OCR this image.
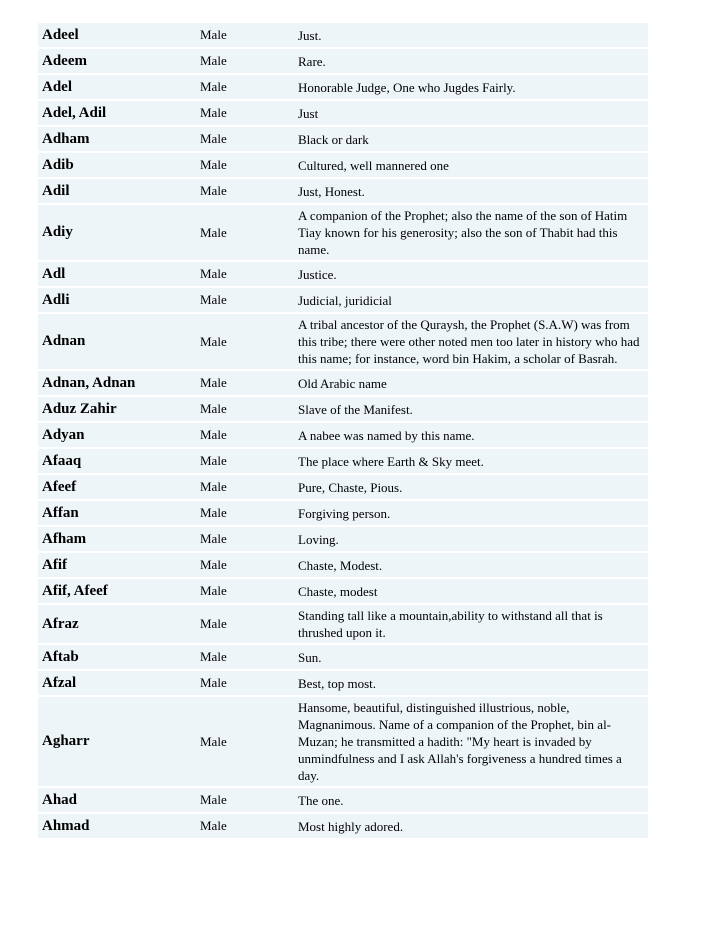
Adeel	Male	Just.
Adeem	Male	Rare.
Adel	Male	Honorable Judge, One who Jugdes Fairly.
Adel, Adil	Male	Just
Adham	Male	Black or dark
Adib	Male	Cultured, well mannered one
Adil	Male	Just, Honest.
Adiy	Male	A companion of the Prophet; also the name of the son of Hatim Tiay known for his generosity; also the son of Thabit had this name.
Adl	Male	Justice.
Adli	Male	Judicial, juridicial
Adnan	Male	A tribal ancestor of the Quraysh, the Prophet (S.A.W) was from this tribe; there were other noted men too later in history who had this name; for instance, word bin Hakim, a scholar of Basrah.
Adnan, Adnan	Male	Old Arabic name
Aduz Zahir	Male	Slave of the Manifest.
Adyan	Male	A nabee was named by this name.
Afaaq	Male	The place where Earth & Sky meet.
Afeef	Male	Pure, Chaste, Pious.
Affan	Male	Forgiving person.
Afham	Male	Loving.
Afif	Male	Chaste, Modest.
Afif, Afeef	Male	Chaste, modest
Afraz	Male	Standing tall like a mountain,ability to withstand all that is thrushed upon it.
Aftab	Male	Sun.
Afzal	Male	Best, top most.
Agharr	Male	Hansome, beautiful, distinguished illustrious, noble, Magnanimous. Name of a companion of the Prophet, bin al-Muzan; he transmitted a hadith: "My heart is invaded by unmindfulness and I ask Allah's forgiveness a hundred times a day.
Ahad	Male	The one.
Ahmad	Male	Most highly adored.
